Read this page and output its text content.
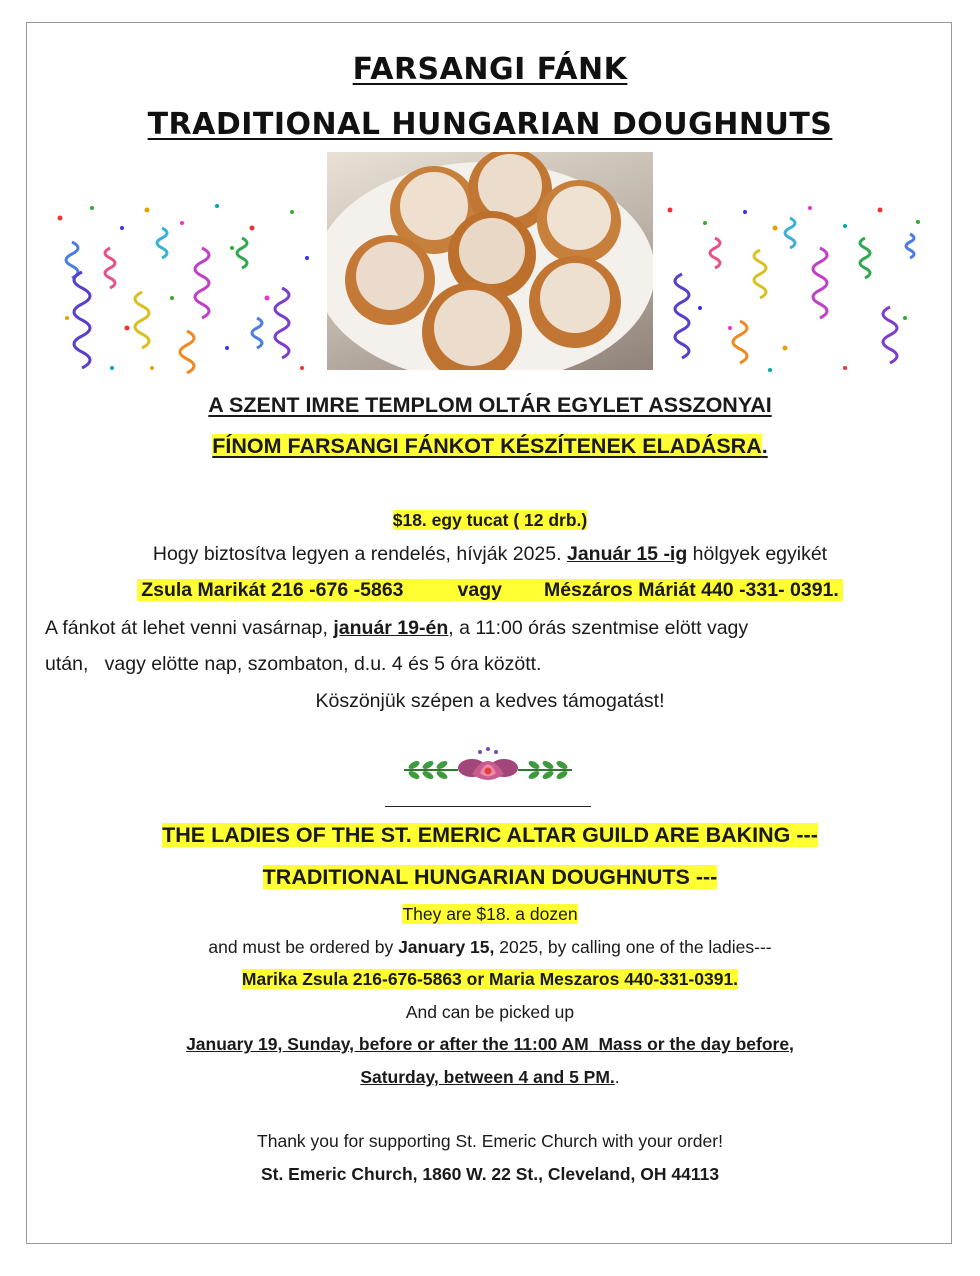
FARSANGI FÁNK
TRADITIONAL HUNGARIAN DOUGHNUTS
A SZENT IMRE TEMPLOM OLTÁR EGYLET ASSZONYAI
FÍNOM FARSANGI FÁNKOT KÉSZÍTENEK ELADÁSRA.
$18. egy tucat ( 12 drb.)
Hogy biztosítva legyen a rendelés, hívják 2025. Január 15 -ig hölgyek egyikét
Zsula Marikát 216 -676 -5863	vagy Mészáros Máriát 440 -331- 0391.
A fánkot át lehet venni vasárnap, január 19-én, a 11:00 órás szentmise elött vagy
után,   vagy elötte nap, szombaton, d.u. 4 és 5 óra között.
Köszönjük szépen a kedves támogatást!
THE LADIES OF THE ST. EMERIC ALTAR GUILD ARE BAKING ---
TRADITIONAL HUNGARIAN DOUGHNUTS ---
They are $18. a dozen
and must be ordered by January 15, 2025, by calling one of the ladies---
Marika Zsula 216-676-5863 or Maria Meszaros 440-331-0391.
And can be picked up
January 19, Sunday, before or after the 11:00 AM  Mass or the day before,
Saturday, between 4 and 5 PM..
Thank you for supporting St. Emeric Church with your order!
St. Emeric Church, 1860 W. 22 St., Cleveland, OH 44113
